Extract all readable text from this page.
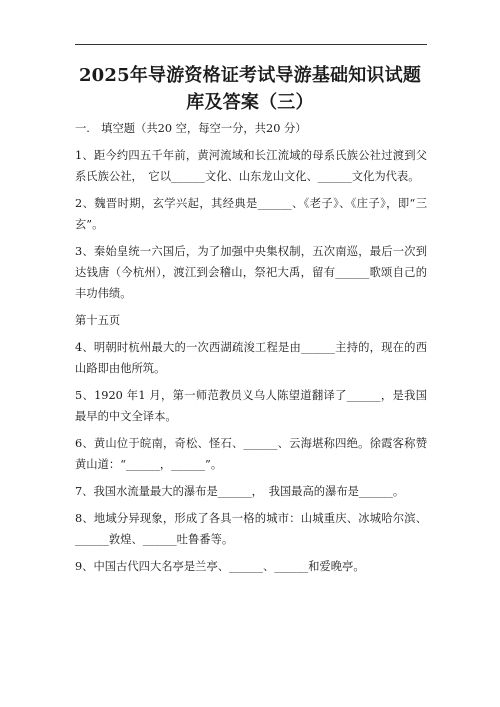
2025年导游资格证考试导游基础知识试题
库及答案（三）
一.　填空题（共20 空，每空一分，共20 分）
1、距今约四五千年前，黄河流域和长江流域的母系氏族公社过渡到父系氏族公社，　它以______文化、山东龙山文化、______文化为代表。
2、魏晋时期，玄学兴起，其经典是______、《老子》、《庄子》，即“三玄”。
3、秦始皇统一六国后，为了加强中央集权制，五次南巡，最后一次到达钱唐（今杭州），渡江到会稽山，祭祀大禹，留有______歌颂自己的丰功伟绩。
第十五页
4、明朝时杭州最大的一次西湖疏浚工程是由______主持的，现在的西山路即由他所筑。
5、1920 年1 月，第一师范教员义乌人陈望道翻译了______，是我国最早的中文全译本。
6、黄山位于皖南，奇松、怪石、______、云海堪称四绝。徐霞客称赞黄山道：“______，______”。
7、我国水流量最大的瀑布是______，　我国最高的瀑布是______。
8、地域分异现象，形成了各具一格的城市：山城重庆、冰城哈尔滨、______敦煌、______吐鲁番等。
9、中国古代四大名亭是兰亭、______、______和爱晚亭。
